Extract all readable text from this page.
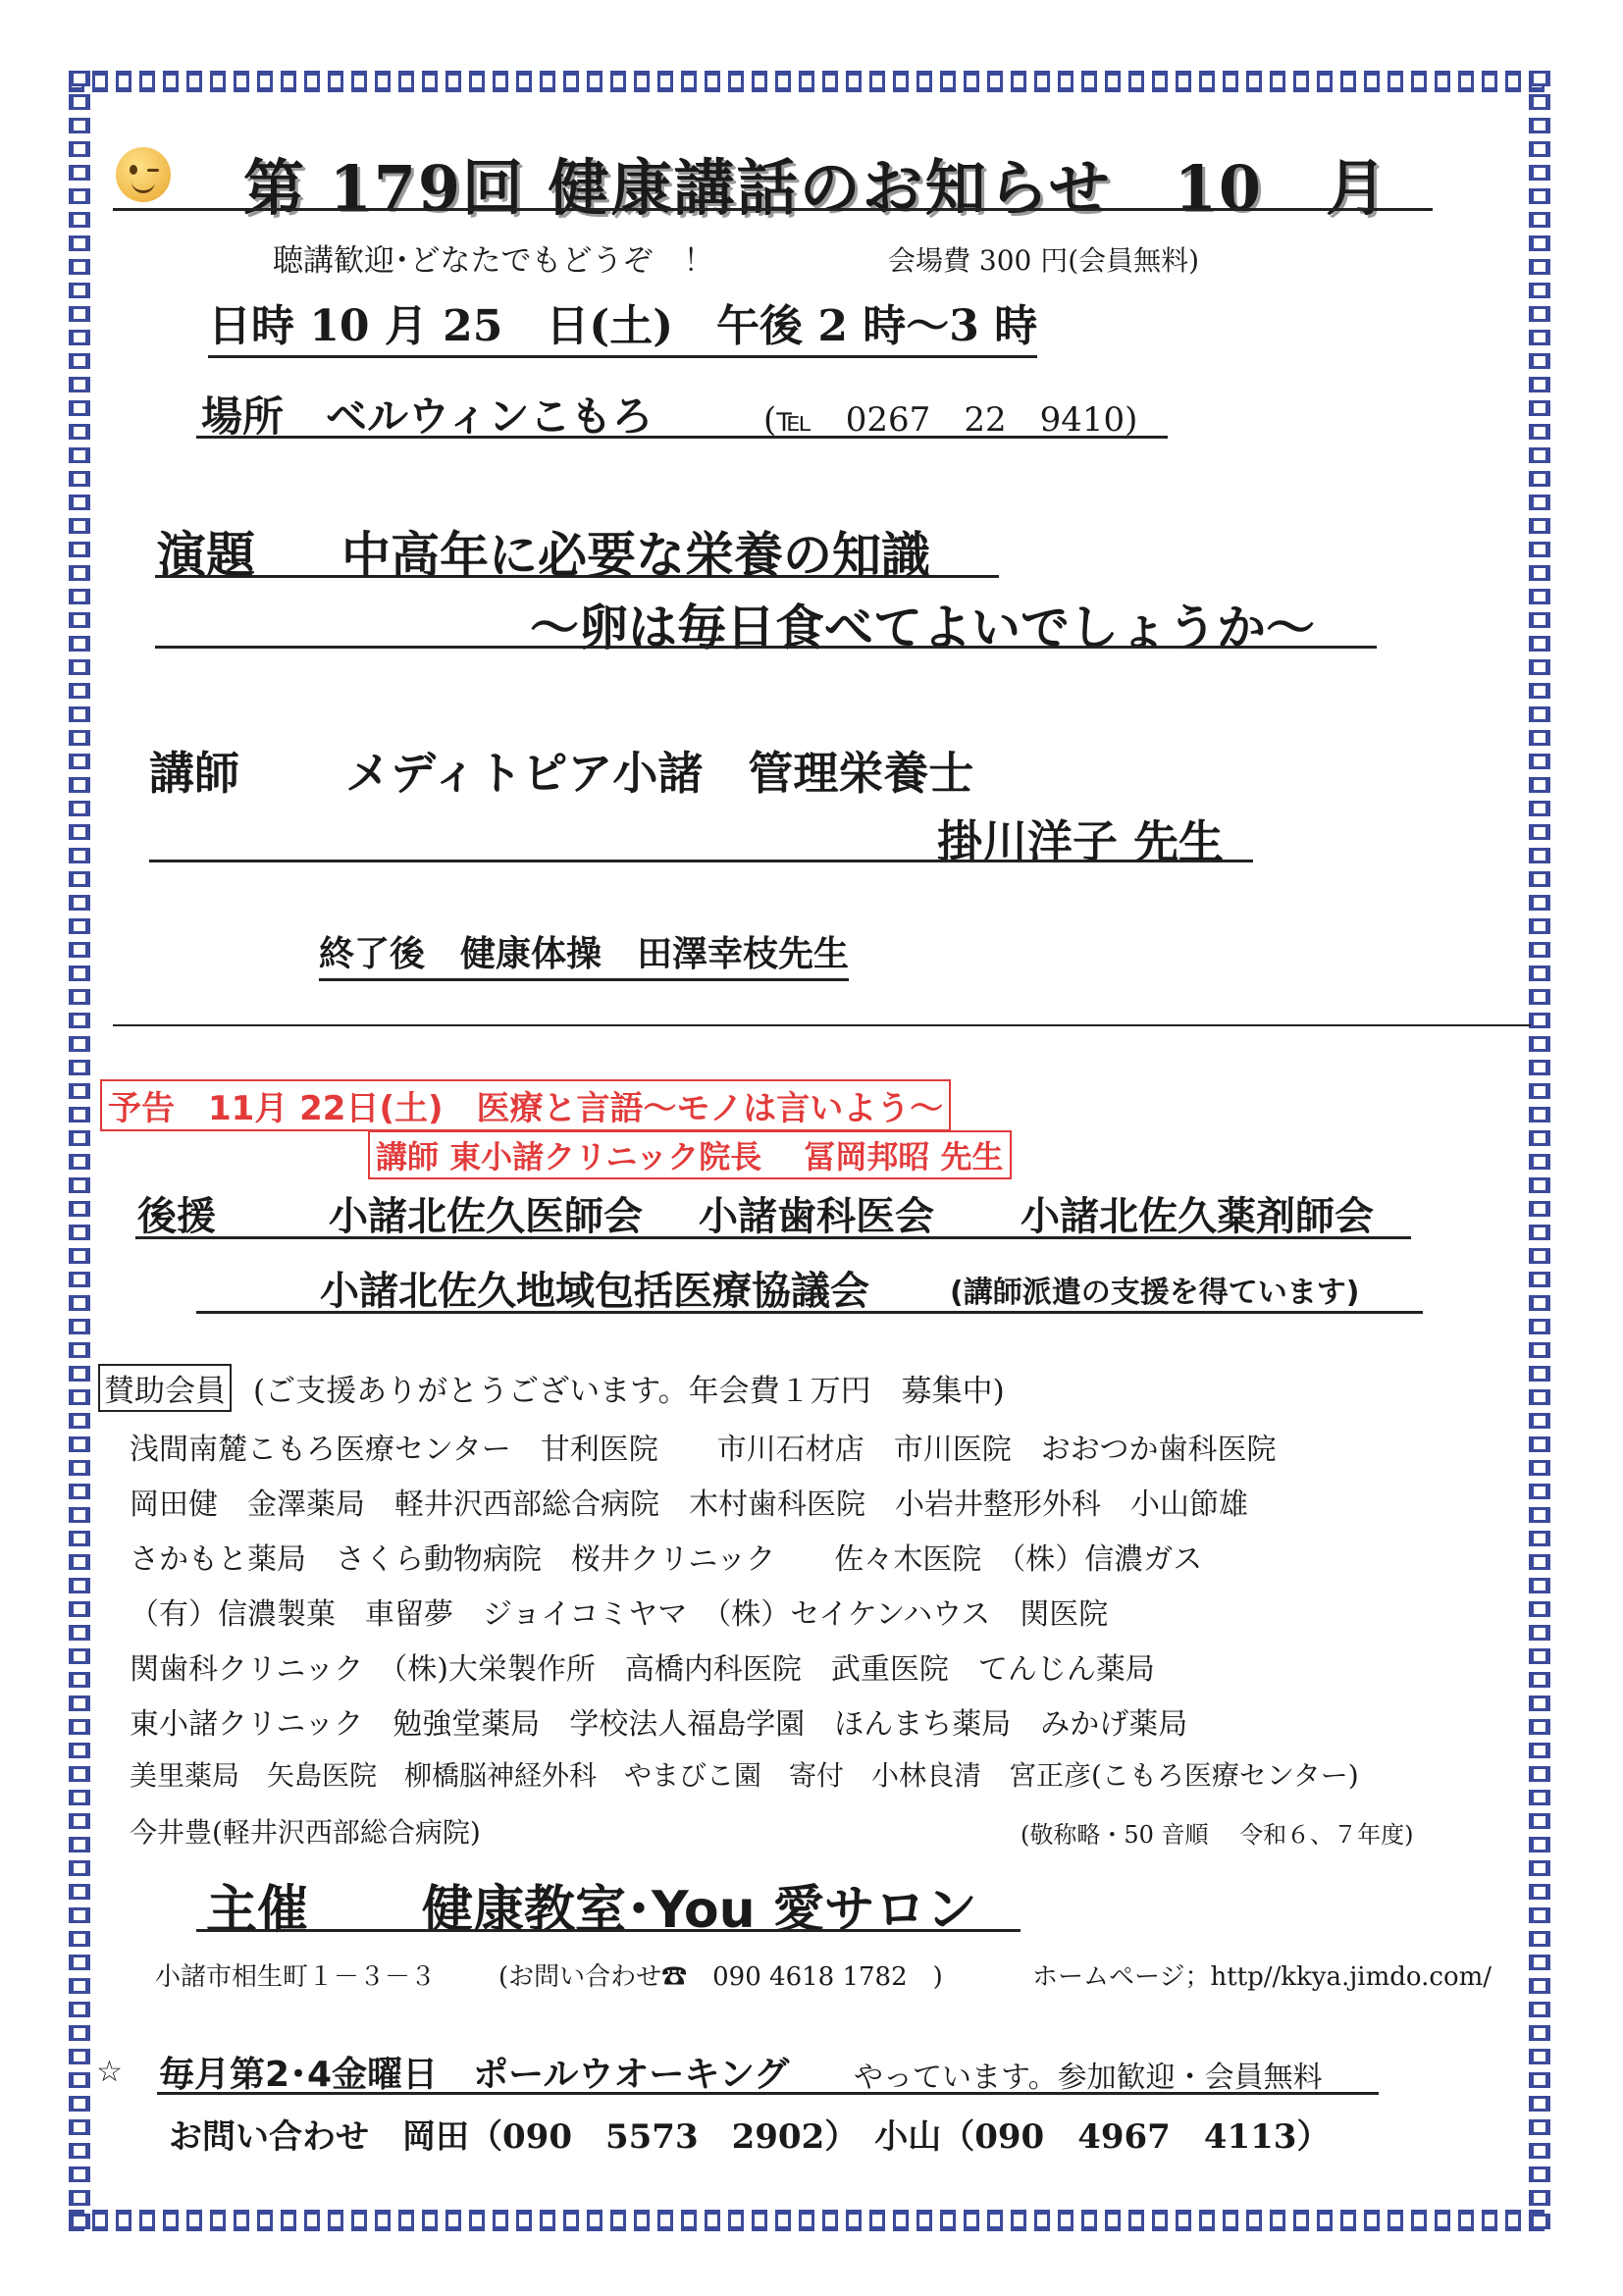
第 179回 健康講話のお知らせ　10　月
聴講歓迎･どなたでもどうぞ　！	会場費 300 円(会員無料)
日時 10 月 25　日(土)　午後 2 時～3 時
場所 ベルウィンこもろ	(℡　0267　22　9410)
演題 中高年に必要な栄養の知識
～卵は毎日食べてよいでしょうか～
講師 メディトピア小諸　管理栄養士
掛川洋子 先生
終了後　健康体操　田澤幸枝先生
予告　11月 22日(土)　医療と言語～モノは言いよう～
講師 東小諸クリニック院長　 冨岡邦昭 先生
後援	小諸北佐久医師会 小諸歯科医会 小諸北佐久薬剤師会
小諸北佐久地域包括医療協議会	(講師派遣の支援を得ています)
賛助会員 (ご支援ありがとうございます。年会費１万円　募集中)
浅間南麓こもろ医療センター　甘利医院　　市川石材店　市川医院　おおつか歯科医院
岡田健　金澤薬局　軽井沢西部総合病院　木村歯科医院　小岩井整形外科　小山節雄
さかもと薬局　さくら動物病院　桜井クリニック　　佐々木医院　（株）信濃ガス
（有）信濃製菓　車留夢　ジョイコミヤマ　（株）セイケンハウス　関医院
関歯科クリニック　（株)大栄製作所　高橋内科医院　武重医院　てんじん薬局
東小諸クリニック　勉強堂薬局　学校法人福島学園　ほんまち薬局　みかげ薬局
美里薬局　矢島医院　柳橋脳神経外科　やまびこ園　寄付　小林良清　宮正彦(こもろ医療センター)
今井豊(軽井沢西部総合病院)	(敬称略・50 音順　 令和６、７年度)
主催 健康教室･You 愛サロン
小諸市相生町１－３－３ (お問い合わせ☎　090 4618 1782　)	ホームページ；http//kkya.jimdo.com/
☆ 毎月第2･4金曜日　ポールウオーキング やっています。参加歓迎・会員無料
お問い合わせ　岡田（090　5573　2902）　小山（090　4967　4113）
